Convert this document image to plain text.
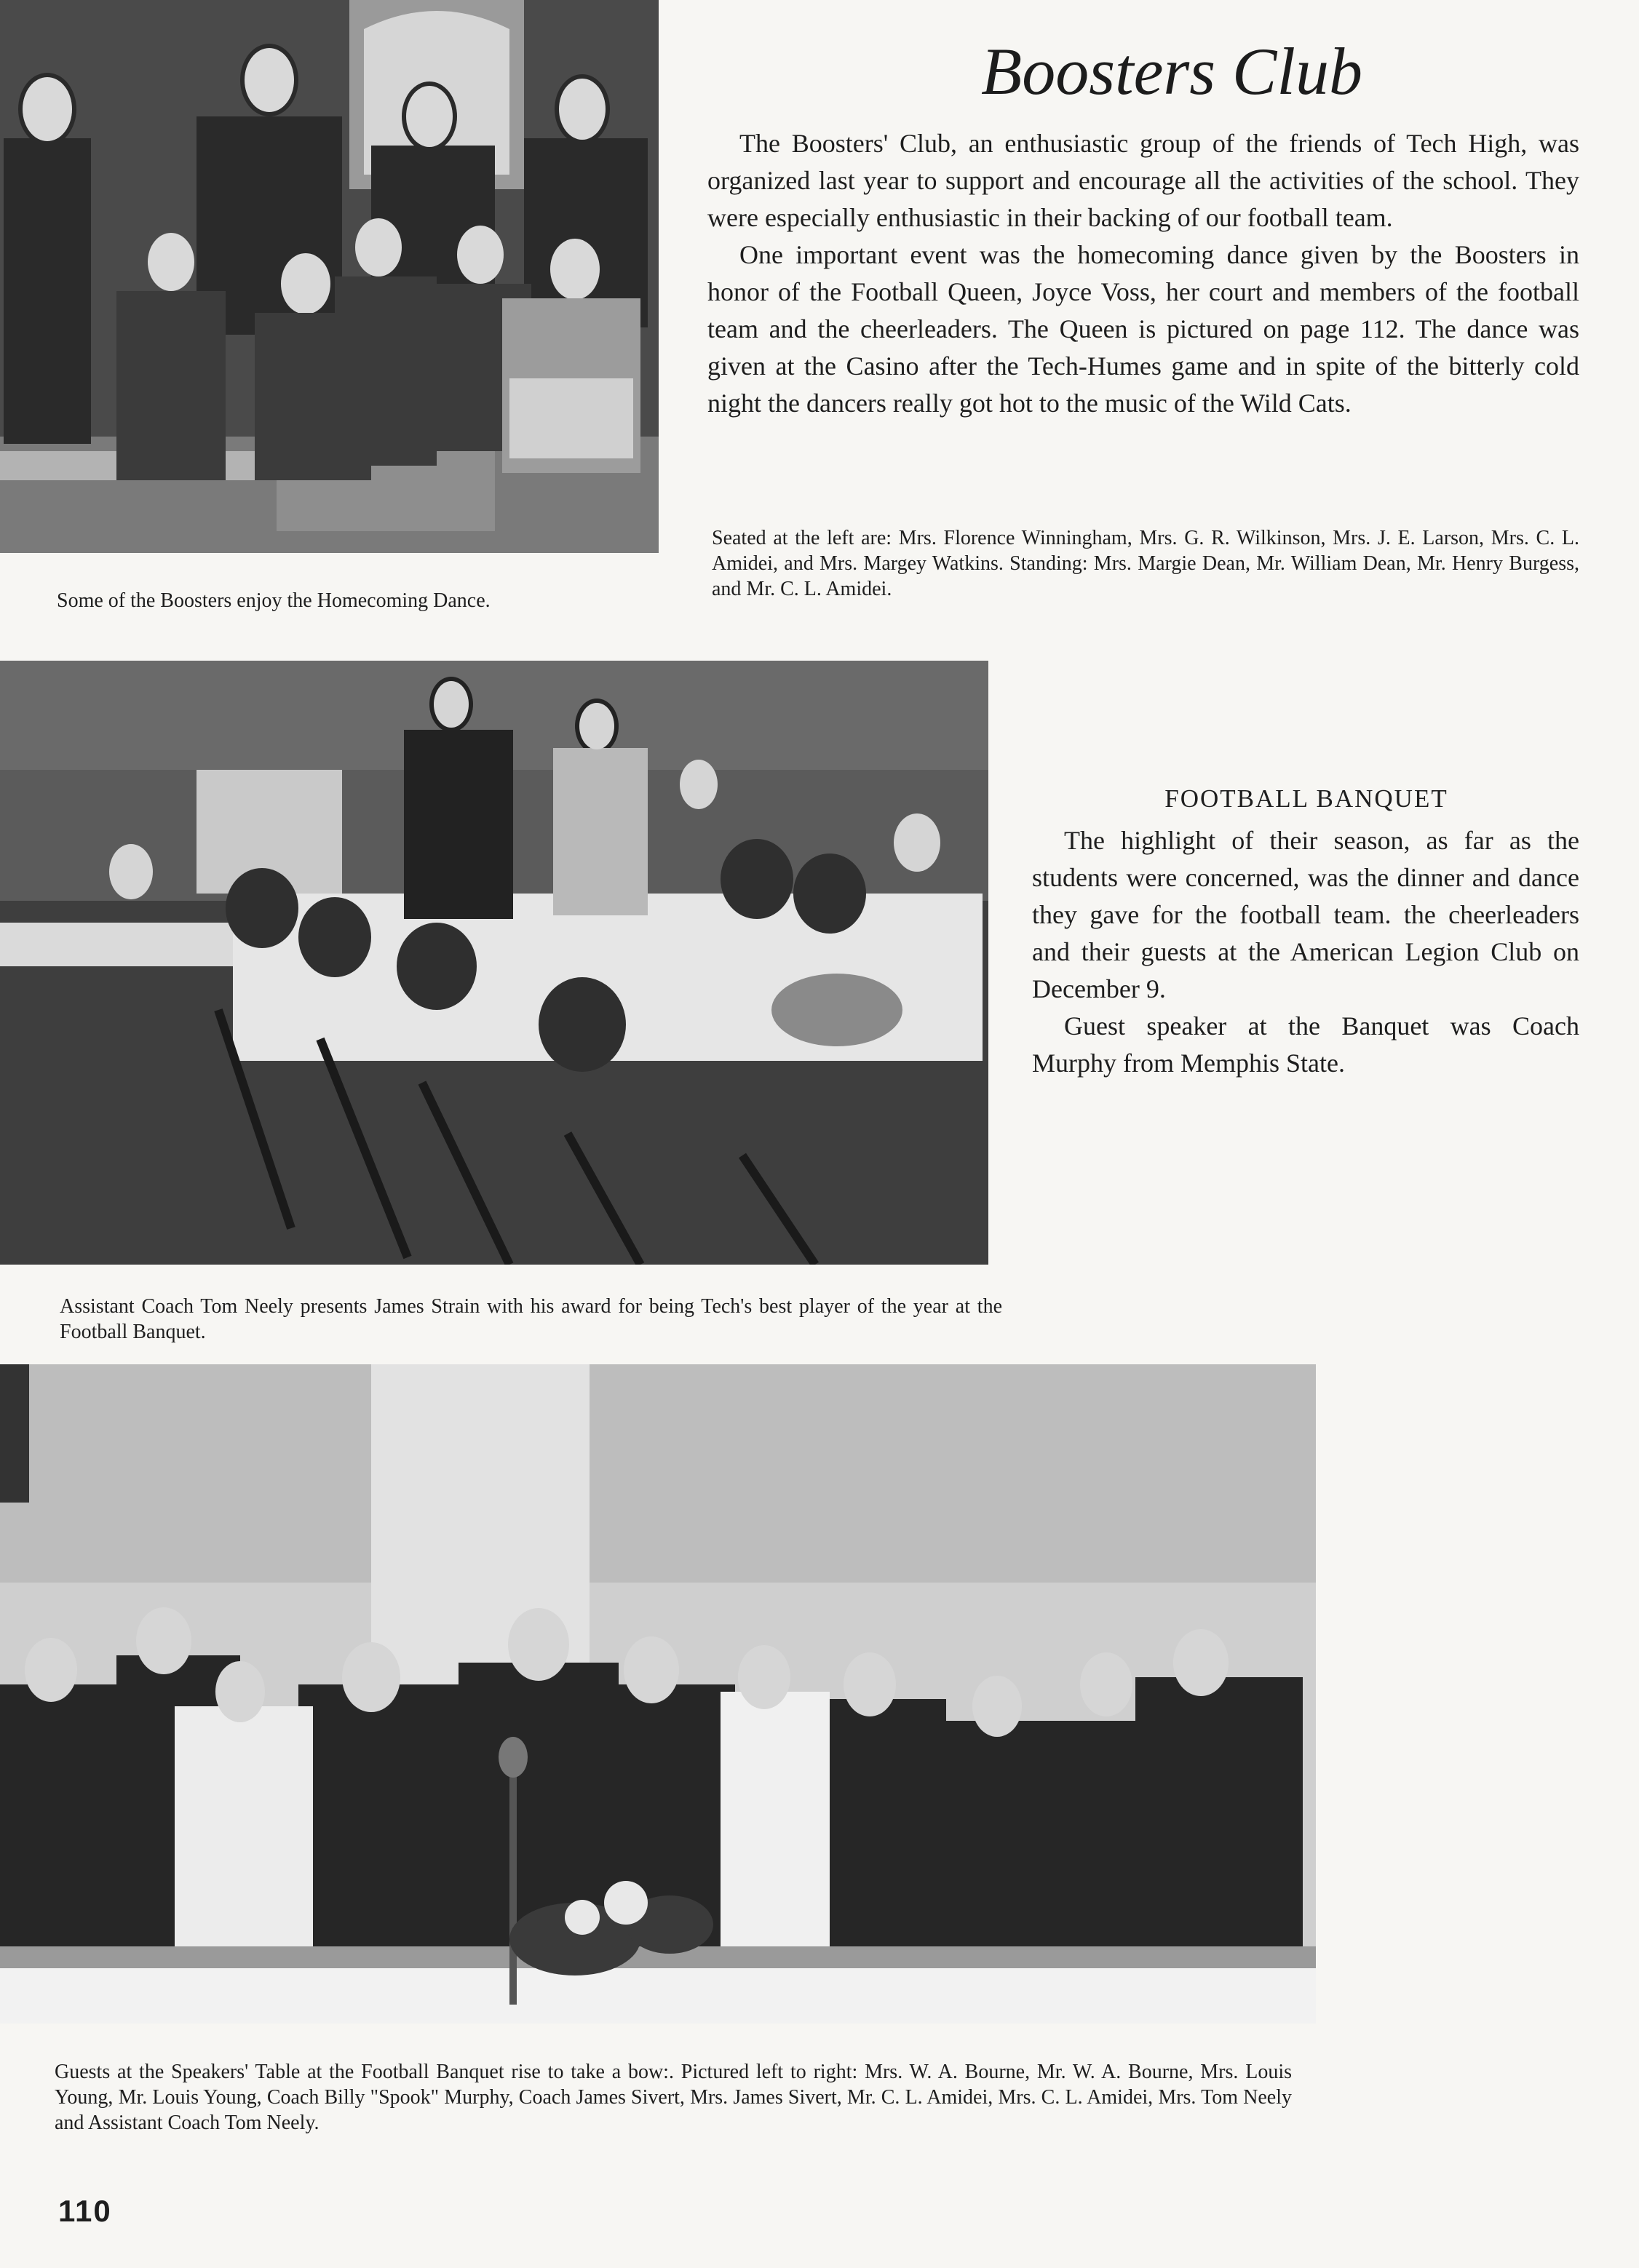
Boosters Club

The Boosters' Club, an enthusiastic group of the friends of Tech High, was organized last year to support and encourage all the activities of the school. They were especially enthusiastic in their backing of our football team.

One important event was the homecoming dance given by the Boosters in honor of the Football Queen, Joyce Voss, her court and members of the football team and the cheerleaders. The Queen is pictured on page 112. The dance was given at the Casino after the Tech-Humes game and in spite of the bitterly cold night the dancers really got hot to the music of the Wild Cats.

Seated at the left are: Mrs. Florence Winningham, Mrs. G. R. Wilkinson, Mrs. J. E. Larson, Mrs. C. L. Amidei, and Mrs. Margey Watkins. Standing: Mrs. Margie Dean, Mr. William Dean, Mr. Henry Burgess, and Mr. C. L. Amidei.

Some of the Boosters enjoy the Homecoming Dance.

FOOTBALL BANQUET

The highlight of their season, as far as the students were concerned, was the dinner and dance they gave for the football team. the cheerleaders and their guests at the American Legion Club on December 9.

Guest speaker at the Banquet was Coach Murphy from Memphis State.

Assistant Coach Tom Neely presents James Strain with his award for being Tech's best player of the year at the Football Banquet.

Guests at the Speakers' Table at the Football Banquet rise to take a bow:. Pictured left to right: Mrs. W. A. Bourne, Mr. W. A. Bourne, Mrs. Louis Young, Mr. Louis Young, Coach Billy "Spook" Murphy, Coach James Sivert, Mrs. James Sivert, Mr. C. L. Amidei, Mrs. C. L. Amidei, Mrs. Tom Neely and Assistant Coach Tom Neely.

110
